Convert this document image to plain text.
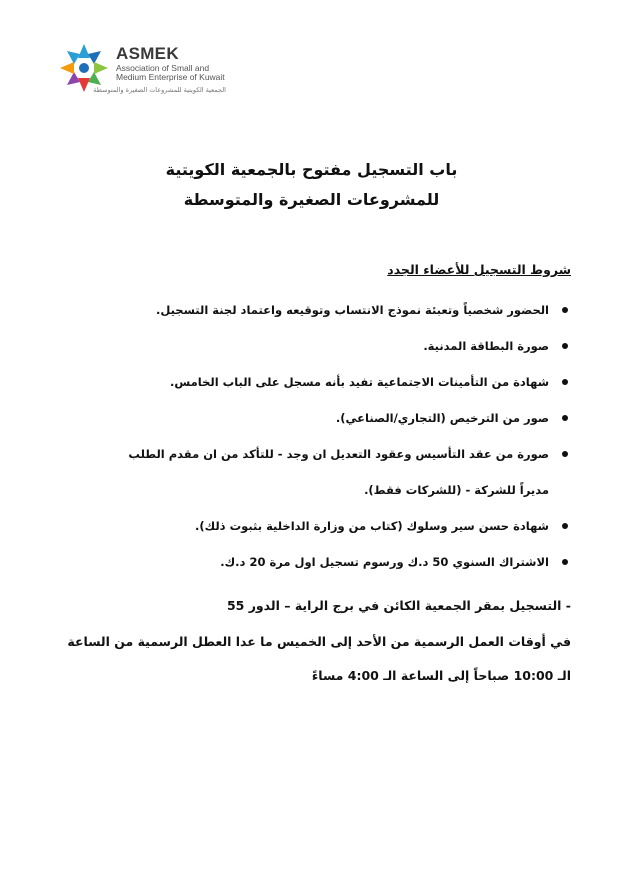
ASMEK
Association of Small and
Medium Enterprise of Kuwait
الجمعية الكويتية للمشروعات الصغيرة والمتوسطة
باب التسجيل مفتوح بالجمعية الكويتية
للمشروعات الصغيرة والمتوسطة
شروط التسجيل للأعضاء الجدد
الحضور شخصياً وتعبئة نموذج الانتساب وتوقيعه واعتماد لجنة التسجيل.
صورة البطاقة المدنية.
شهادة من التأمينات الاجتماعية تفيد بأنه مسجل على الباب الخامس.
صور من الترخيص (التجاري/الصناعي).
صورة من عقد التأسيس وعقود التعديل ان وجد - للتأكد من ان مقدم الطلب مديراً للشركة - (للشركات فقط).
شهادة حسن سير وسلوك (كتاب من وزارة الداخلية بثبوت ذلك).
الاشتراك السنوي 50 د.ك ورسوم تسجيل اول مرة 20 د.ك.
- التسجيل بمقر الجمعية الكائن في برج الراية – الدور 55
في أوقات العمل الرسمية من الأحد إلى الخميس ما عدا العطل الرسمية من الساعة
الـ 10:00 صباحاً إلى الساعة الـ 4:00 مساءً
